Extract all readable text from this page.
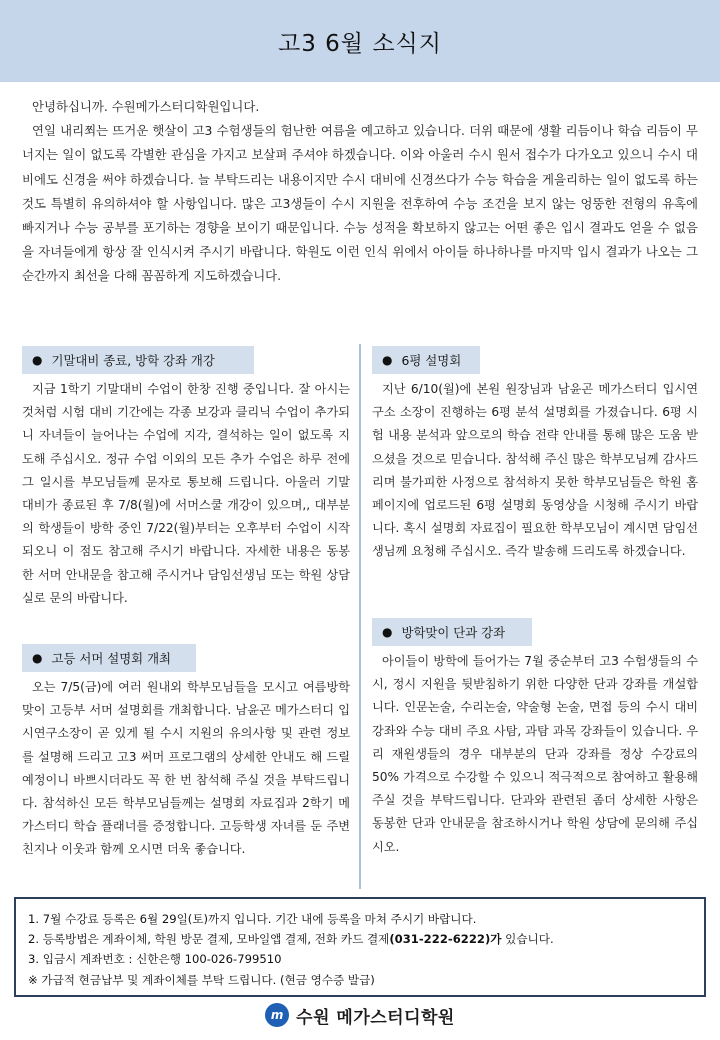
고3 6월 소식지

안녕하십니까. 수원메가스터디학원입니다.

연일 내리쬐는 뜨거운 햇살이 고3 수험생들의 험난한 여름을 예고하고 있습니다. 더위 때문에 생활 리듬이나 학습 리듬이 무너지는 일이 없도록 각별한 관심을 가지고 보살펴 주셔야 하겠습니다. 이와 아울러 수시 원서 접수가 다가오고 있으니 수시 대비에도 신경을 써야 하겠습니다. 늘 부탁드리는 내용이지만 수시 대비에 신경쓰다가 수능 학습을 게을리하는 일이 없도록 하는 것도 특별히 유의하셔야 할 사항입니다. 많은 고3생들이 수시 지원을 전후하여 수능 조건을 보지 않는 엉뚱한 전형의 유혹에 빠지거나 수능 공부를 포기하는 경향을 보이기 때문입니다. 수능 성적을 확보하지 않고는 어떤 좋은 입시 결과도 얻을 수 없음을 자녀들에게 항상 잘 인식시켜 주시기 바랍니다. 학원도 이런 인식 위에서 아이들 하나하나를 마지막 입시 결과가 나오는 그 순간까지 최선을 다해 꼼꼼하게 지도하겠습니다.

● 기말대비 종료, 방학 강좌 개강

지금 1학기 기말대비 수업이 한창 진행 중입니다. 잘 아시는 것처럼 시험 대비 기간에는 각종 보강과 클리닉 수업이 추가되니 자녀들이 늘어나는 수업에 지각, 결석하는 일이 없도록 지도해 주십시오. 정규 수업 이외의 모든 추가 수업은 하루 전에 그 일시를 부모님들께 문자로 통보해 드립니다. 아울러 기말 대비가 종료된 후 7/8(월)에 서머스쿨 개강이 있으며,, 대부분의 학생들이 방학 중인 7/22(월)부터는 오후부터 수업이 시작되오니 이 점도 참고해 주시기 바랍니다. 자세한 내용은 동봉한 서머 안내문을 참고해 주시거나 담임선생님 또는 학원 상담실로 문의 바랍니다.

● 고등 서머 설명회 개최

오는 7/5(금)에 여러 원내외 학부모님들을 모시고 여름방학 맞이 고등부 서머 설명회를 개최합니다. 남윤곤 메가스터디 입시연구소장이 곧 있게 될 수시 지원의 유의사항 및 관련 정보를 설명해 드리고 고3 써머 프로그램의 상세한 안내도 해 드릴 예정이니 바쁘시더라도 꼭 한 번 참석해 주실 것을 부탁드립니다. 참석하신 모든 학부모님들께는 설명회 자료집과 2학기 메가스터디 학습 플래너를 증정합니다. 고등학생 자녀를 둔 주변 친지나 이웃과 함께 오시면 더욱 좋습니다.

● 6평 설명회

지난 6/10(월)에 본원 원장님과 남윤곤 메가스터디 입시연구소 소장이 진행하는 6평 분석 설명회를 가졌습니다. 6평 시험 내용 분석과 앞으로의 학습 전략 안내를 통해 많은 도움 받으셨을 것으로 믿습니다. 참석해 주신 많은 학부모님께 감사드리며 불가피한 사정으로 참석하지 못한 학부모님들은 학원 홈페이지에 업로드된 6평 설명회 동영상을 시청해 주시기 바랍니다. 혹시 설명회 자료집이 필요한 학부모님이 계시면 담임선생님께 요청해 주십시오. 즉각 발송해 드리도록 하겠습니다.

● 방학맞이 단과 강좌

아이들이 방학에 들어가는 7월 중순부터 고3 수험생들의 수시, 정시 지원을 뒷받침하기 위한 다양한 단과 강좌를 개설합니다. 인문논술, 수리논술, 약술형 논술, 면접 등의 수시 대비 강좌와 수능 대비 주요 사탐, 과탐 과목 강좌들이 있습니다. 우리 재원생들의 경우 대부분의 단과 강좌를 정상 수강료의 50% 가격으로 수강할 수 있으니 적극적으로 참여하고 활용해 주실 것을 부탁드립니다. 단과와 관련된 좀더 상세한 사항은 동봉한 단과 안내문을 참조하시거나 학원 상담에 문의해 주십시오.

1. 7월 수강료 등록은 6월 29일(토)까지 입니다. 기간 내에 등록을 마쳐 주시기 바랍니다.
2. 등록방법은 계좌이체, 학원 방문 결제, 모바일앱 결제, 전화 카드 결제(031-222-6222)가 있습니다.
3. 입금시 계좌번호 : 신한은행 100-026-799510
※ 가급적 현금납부 및 계좌이체를 부탁 드립니다. (현금 영수증 발급)
m 수원 메가스터디학원
